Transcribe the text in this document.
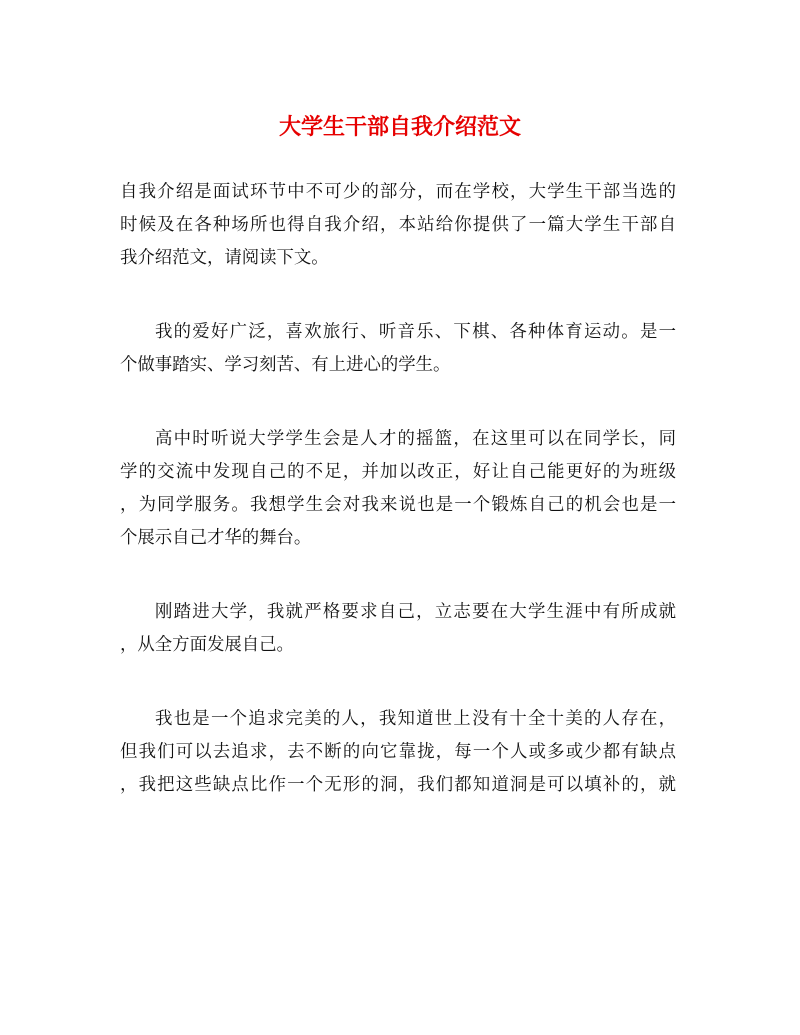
大学生干部自我介绍范文
自我介绍是面试环节中不可少的部分，而在学校，大学生干部当选的
时候及在各种场所也得自我介绍，本站给你提供了一篇大学生干部自
我介绍范文，请阅读下文。
我的爱好广泛，喜欢旅行、听音乐、下棋、各种体育运动。是一
个做事踏实、学习刻苦、有上进心的学生。
高中时听说大学学生会是人才的摇篮，在这里可以在同学长，同
学的交流中发现自己的不足，并加以改正，好让自己能更好的为班级
，为同学服务。我想学生会对我来说也是一个锻炼自己的机会也是一
个展示自己才华的舞台。
刚踏进大学，我就严格要求自己，立志要在大学生涯中有所成就
，从全方面发展自己。
我也是一个追求完美的人，我知道世上没有十全十美的人存在，
但我们可以去追求，去不断的向它靠拢，每一个人或多或少都有缺点
，我把这些缺点比作一个无形的洞，我们都知道洞是可以填补的，就
